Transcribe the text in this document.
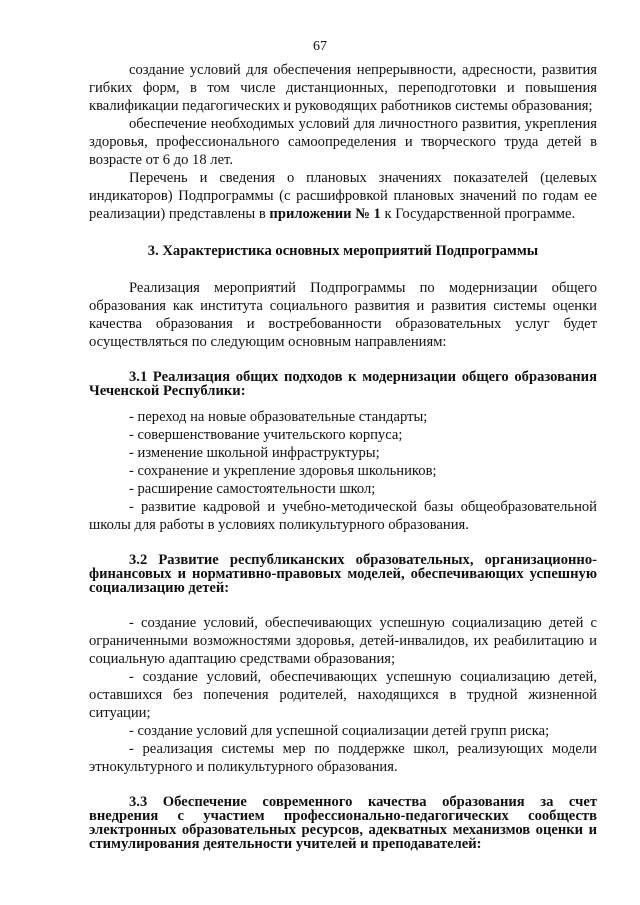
67

создание условий для обеспечения непрерывности, адресности, развития гибких форм, в том числе дистанционных, переподготовки и повышения квалификации педагогических и руководящих работников системы образования;

обеспечение необходимых условий для личностного развития, укрепления здоровья, профессионального самоопределения и творческого труда детей в возрасте от 6 до 18 лет.

Перечень и сведения о плановых значениях показателей (целевых индикаторов) Подпрограммы (с расшифровкой плановых значений по годам ее реализации) представлены в приложении № 1 к Государственной программе.

3. Характеристика основных мероприятий Подпрограммы

Реализация мероприятий Подпрограммы по модернизации общего образования как института социального развития и развития системы оценки качества образования и востребованности образовательных услуг будет осуществляться по следующим основным направлениям:

3.1 Реализация общих подходов к модернизации общего образования Чеченской Республики:

- переход на новые образовательные стандарты;

- совершенствование учительского корпуса;

- изменение школьной инфраструктуры;

- сохранение и укрепление здоровья школьников;

- расширение самостоятельности школ;

- развитие кадровой и учебно-методической базы общеобразовательной школы для работы в условиях поликультурного образования.

3.2 Развитие республиканских образовательных, организационно-финансовых и нормативно-правовых моделей, обеспечивающих успешную социализацию детей:

- создание условий, обеспечивающих успешную социализацию детей с ограниченными возможностями здоровья, детей-инвалидов, их реабилитацию и социальную адаптацию средствами образования;

- создание условий, обеспечивающих успешную социализацию детей, оставшихся без попечения родителей, находящихся в трудной жизненной ситуации;

- создание условий для успешной социализации детей групп риска;

- реализация системы мер по поддержке школ, реализующих модели этнокультурного и поликультурного образования.

3.3 Обеспечение современного качества образования за счет внедрения с участием профессионально-педагогических сообществ электронных образовательных ресурсов, адекватных механизмов оценки и стимулирования деятельности учителей и преподавателей:
